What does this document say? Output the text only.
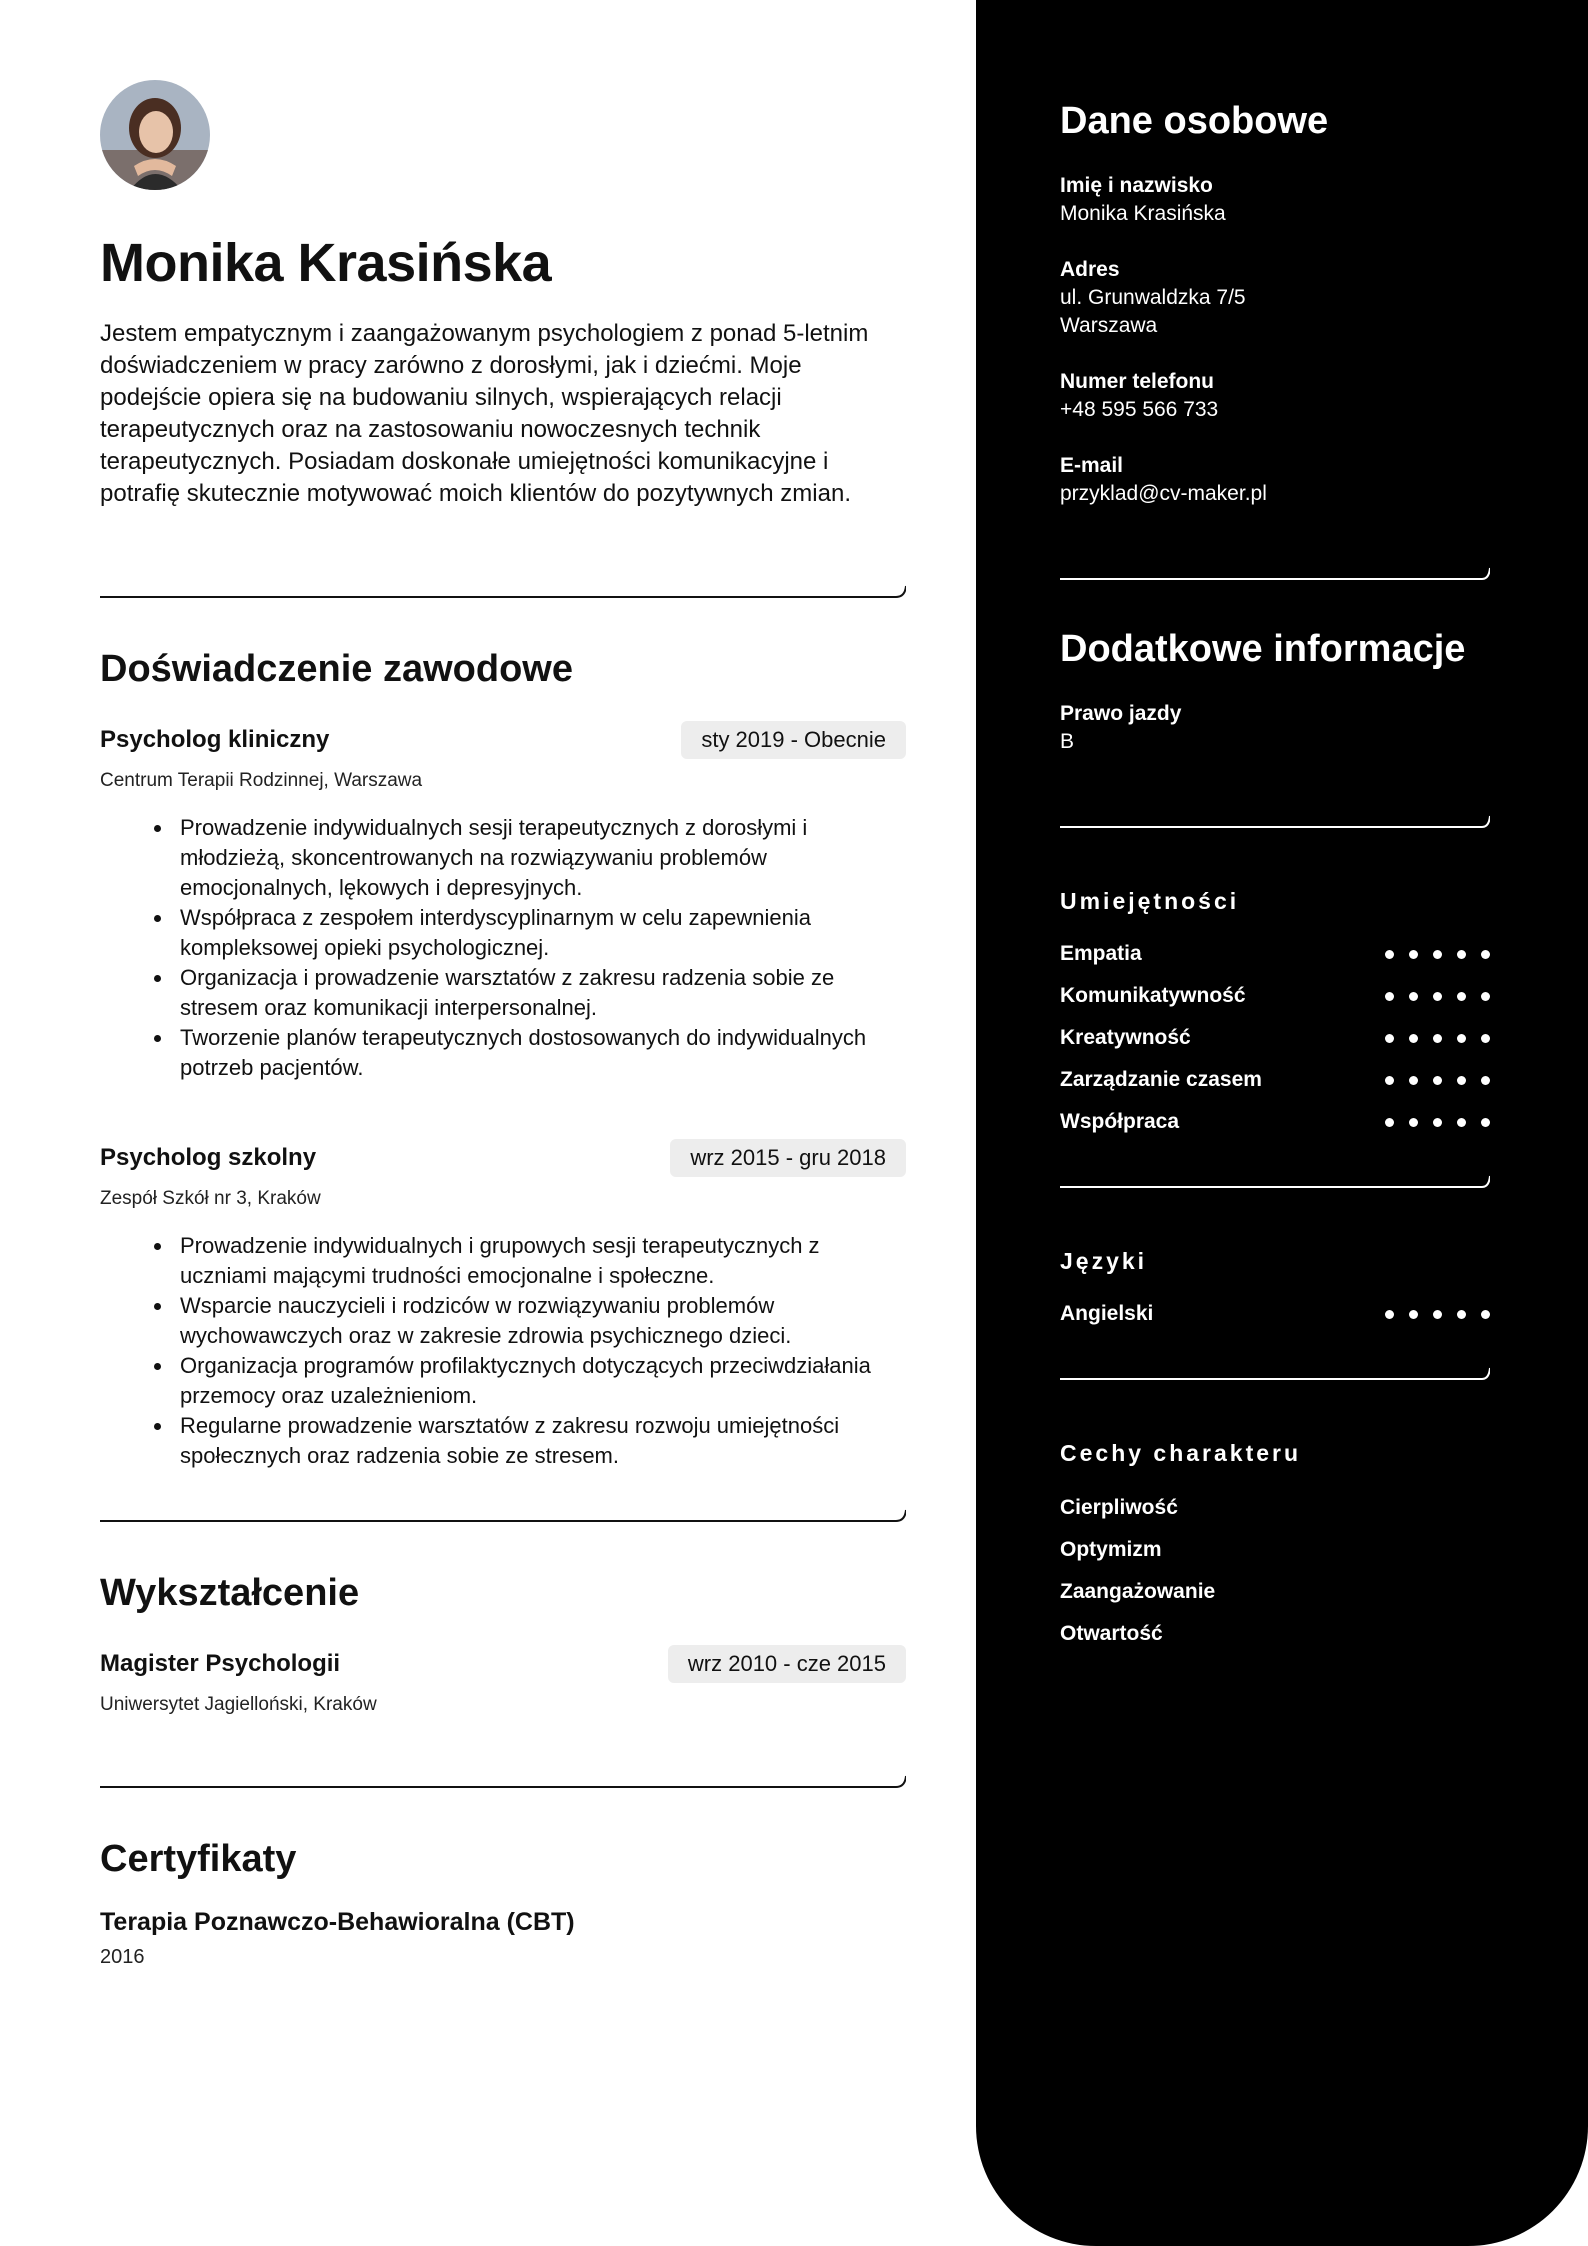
Monika Krasińska

Jestem empatycznym i zaangażowanym psychologiem z ponad 5-letnim doświadczeniem w pracy zarówno z dorosłymi, jak i dziećmi. Moje podejście opiera się na budowaniu silnych, wspierających relacji terapeutycznych oraz na zastosowaniu nowoczesnych technik terapeutycznych. Posiadam doskonałe umiejętności komunikacyjne i potrafię skutecznie motywować moich klientów do pozytywnych zmian.

Doświadczenie zawodowe
Psycholog kliniczny	sty 2019 - Obecnie
Centrum Terapii Rodzinnej, Warszawa
Prowadzenie indywidualnych sesji terapeutycznych z dorosłymi i młodzieżą, skoncentrowanych na rozwiązywaniu problemów emocjonalnych, lękowych i depresyjnych.
Współpraca z zespołem interdyscyplinarnym w celu zapewnienia kompleksowej opieki psychologicznej.
Organizacja i prowadzenie warsztatów z zakresu radzenia sobie ze stresem oraz komunikacji interpersonalnej.
Tworzenie planów terapeutycznych dostosowanych do indywidualnych potrzeb pacjentów.
Psycholog szkolny	wrz 2015 - gru 2018
Zespół Szkół nr 3, Kraków
Prowadzenie indywidualnych i grupowych sesji terapeutycznych z uczniami mającymi trudności emocjonalne i społeczne.
Wsparcie nauczycieli i rodziców w rozwiązywaniu problemów wychowawczych oraz w zakresie zdrowia psychicznego dzieci.
Organizacja programów profilaktycznych dotyczących przeciwdziałania przemocy oraz uzależnieniom.
Regularne prowadzenie warsztatów z zakresu rozwoju umiejętności społecznych oraz radzenia sobie ze stresem.
Wykształcenie
Magister Psychologii	wrz 2010 - cze 2015
Uniwersytet Jagielloński, Kraków
Certyfikaty
Terapia Poznawczo-Behawioralna (CBT)
2016
Dane osobowe
Imię i nazwisko
Monika Krasińska
Adres
ul. Grunwaldzka 7/5
Warszawa
Numer telefonu
+48 595 566 733
E-mail
przyklad@cv-maker.pl
Dodatkowe informacje
Prawo jazdy
B
Umiejętności
Empatia
Komunikatywność
Kreatywność
Zarządzanie czasem
Współpraca
Języki
Angielski
Cechy charakteru
Cierpliwość
Optymizm
Zaangażowanie
Otwartość
